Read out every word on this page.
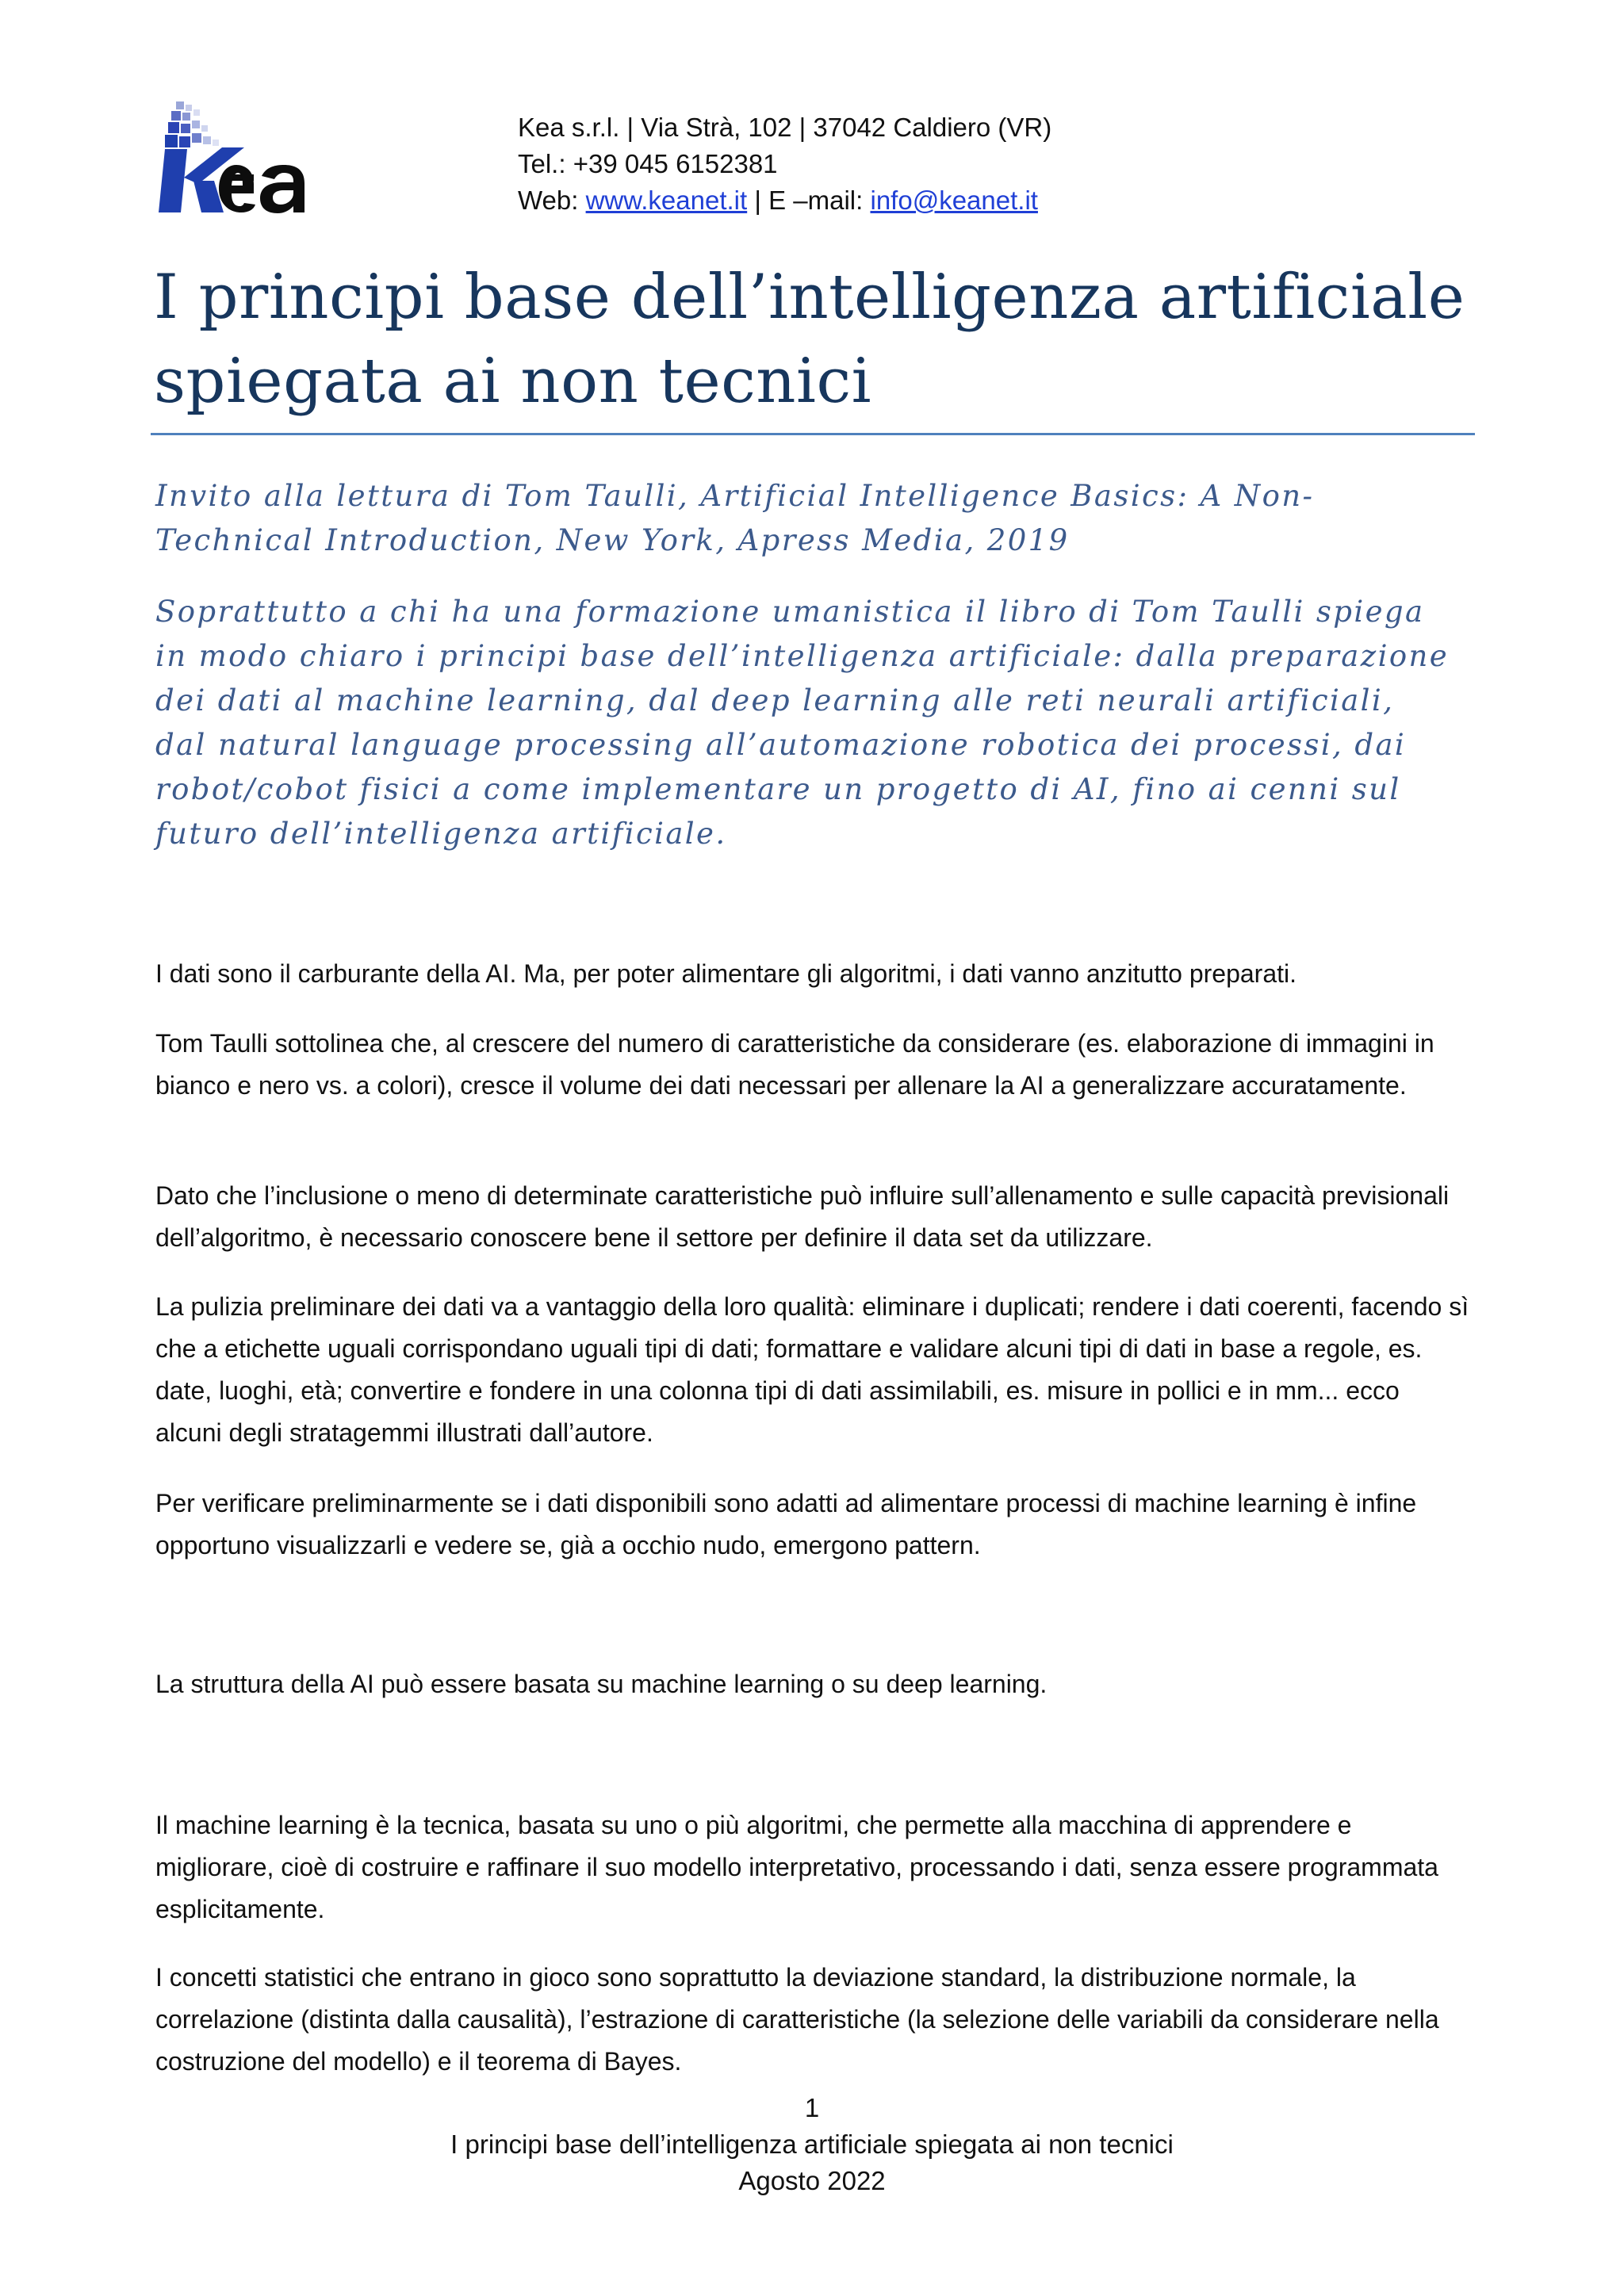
Kea s.r.l. | Via Strà, 102 | 37042 Caldiero (VR)
Tel.: +39 045 6152381
Web: www.keanet.it | E –mail: info@keanet.it
I principi base dell’intelligenza artificiale
spiegata ai non tecnici

Invito alla lettura di Tom Taulli, Artificial Intelligence Basics: A Non-Technical Introduction, New York, Apress Media, 2019

Soprattutto a chi ha una formazione umanistica il libro di Tom Taulli spiega in modo chiaro i principi base dell’intelligenza artificiale: dalla preparazione dei dati al machine learning, dal deep learning alle reti neurali artificiali, dal natural language processing all’automazione robotica dei processi, dai robot/cobot fisici a come implementare un progetto di AI, fino ai cenni sul futuro dell’intelligenza artificiale.

I dati sono il carburante della AI. Ma, per poter alimentare gli algoritmi, i dati vanno anzitutto preparati.

Tom Taulli sottolinea che, al crescere del numero di caratteristiche da considerare (es. elaborazione di immagini in bianco e nero vs. a colori), cresce il volume dei dati necessari per allenare la AI a generalizzare accuratamente.

Dato che l’inclusione o meno di determinate caratteristiche può influire sull’allenamento e sulle capacità previsionali dell’algoritmo, è necessario conoscere bene il settore per definire il data set da utilizzare.

La pulizia preliminare dei dati va a vantaggio della loro qualità: eliminare i duplicati; rendere i dati coerenti, facendo sì che a etichette uguali corrispondano uguali tipi di dati; formattare e validare alcuni tipi di dati in base a regole, es. date, luoghi, età; convertire e fondere in una colonna tipi di dati assimilabili, es. misure in pollici e in mm... ecco alcuni degli stratagemmi illustrati dall’autore.

Per verificare preliminarmente se i dati disponibili sono adatti ad alimentare processi di machine learning è infine opportuno visualizzarli e vedere se, già a occhio nudo, emergono pattern.

La struttura della AI può essere basata su machine learning o su deep learning.

Il machine learning è la tecnica, basata su uno o più algoritmi, che permette alla macchina di apprendere e migliorare, cioè di costruire e raffinare il suo modello interpretativo, processando i dati, senza essere programmata esplicitamente.

I concetti statistici che entrano in gioco sono soprattutto la deviazione standard, la distribuzione normale, la correlazione (distinta dalla causalità), l’estrazione di caratteristiche (la selezione delle variabili da considerare nella costruzione del modello) e il teorema di Bayes.

1
I principi base dell’intelligenza artificiale spiegata ai non tecnici
Agosto 2022
